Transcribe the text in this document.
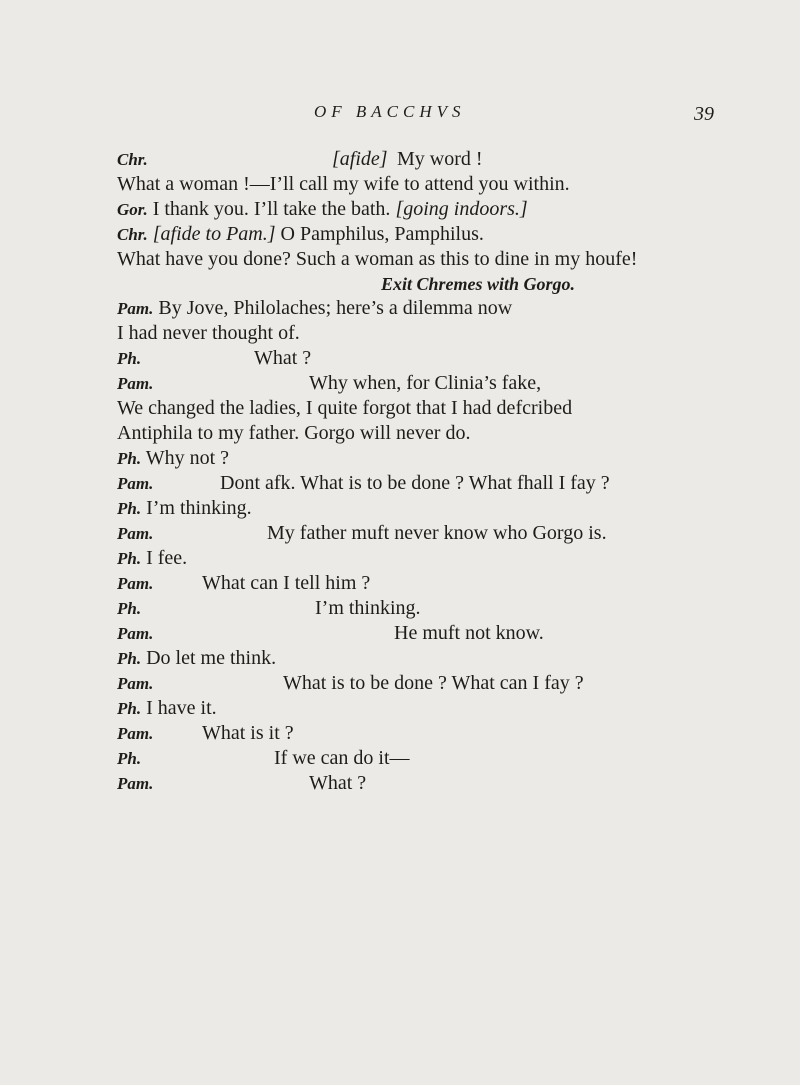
OF BACCHVS	39
Chr.	[afide] My word !
What a woman !—I’ll call my wife to attend you within.
Gor. I thank you. I’ll take the bath. [going indoors.]
Chr. [afide to Pam.] O Pamphilus, Pamphilus.
What have you done? Such a woman as this to dine in my houfe!
Exit Chremes with Gorgo.
Pam. By Jove, Philolaches; here’s a dilemma now
I had never thought of.
Ph.	What ?
Pam.	Why when, for Clinia’s fake,
We changed the ladies, I quite forgot that I had defcribed
Antiphila to my father. Gorgo will never do.
Ph. Why not ?
Pam.	Dont afk. What is to be done ? What fhall I fay ?
Ph. I’m thinking.
Pam.	My father muft never know who Gorgo is.
Ph. I fee.
Pam. What can I tell him ?
Ph.	I’m thinking.
Pam.	He muft not know.
Ph. Do let me think.
Pam.	What is to be done ? What can I fay ?
Ph. I have it.
Pam. What is it ?
Ph.	If we can do it—
Pam.	What ?
